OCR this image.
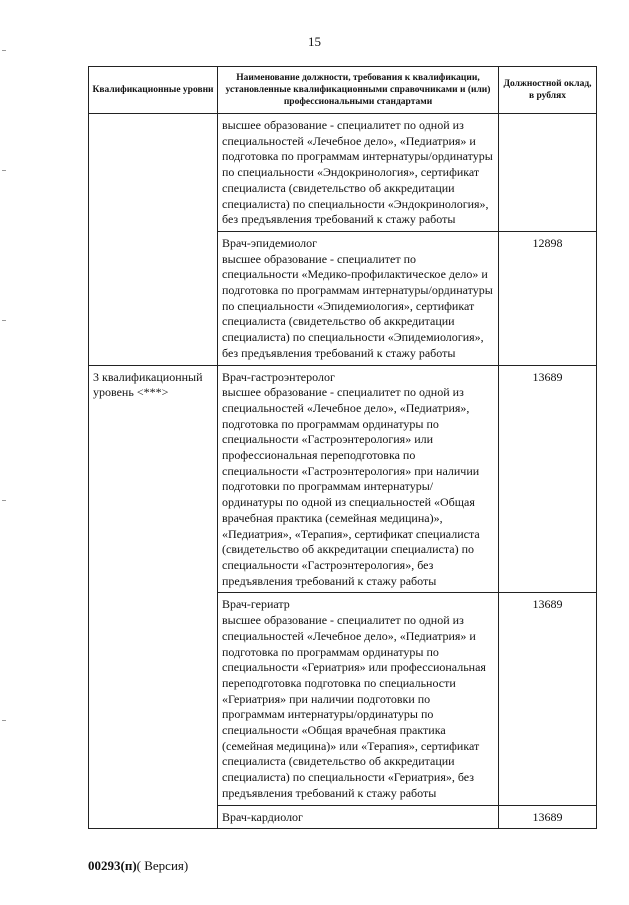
15
Квалификационные уровни	Наименование должности, требования к квалификации, установленные квалификационными справочниками и (или) профессиональными стандартами	Должностной оклад, в рублях

	высшее образование - специалитет по одной из специальностей «Лечебное дело», «Педиатрия» и подготовка по программам интернатуры/ординатуры по специальности «Эндокринология», сертификат специалиста (свидетельство об аккредитации специалиста) по специальности «Эндокринология», без предъявления требований к стажу работы	

	Врач-эпидемиолог
высшее образование - специалитет по специальности «Медико-профилактическое дело» и подготовка по программам интернатуры/ординатуры по специальности «Эпидемиология», сертификат специалиста (свидетельство об аккредитации специалиста) по специальности «Эпидемиология», без предъявления требований к стажу работы	12898
3 квалификационный уровень <***>	Врач-гастроэнтеролог
высшее образование - специалитет по одной из специальностей «Лечебное дело», «Педиатрия», подготовка по программам ординатуры по специальности «Гастроэнтерология» или профессиональная переподготовка по специальности «Гастроэнтерология» при наличии подготовки по программам интернатуры/ординатуры по одной из специальностей «Общая врачебная практика (семейная медицина)», «Педиатрия», «Терапия», сертификат специалиста (свидетельство об аккредитации специалиста) по специальности «Гастроэнтерология», без предъявления требований к стажу работы	13689

	Врач-гериатр
высшее образование - специалитет по одной из специальностей «Лечебное дело», «Педиатрия» и подготовка по программам ординатуры по специальности «Гериатрия» или профессиональная переподготовка подготовка по специальности «Гериатрия» при наличии подготовки по программам интернатуры/ординатуры по специальности «Общая врачебная практика (семейная медицина)» или «Терапия», сертификат специалиста (свидетельство об аккредитации специалиста) по специальности «Гериатрия», без предъявления требований к стажу работы	13689

	Врач-кардиолог	13689
00293(п)( Версия)
